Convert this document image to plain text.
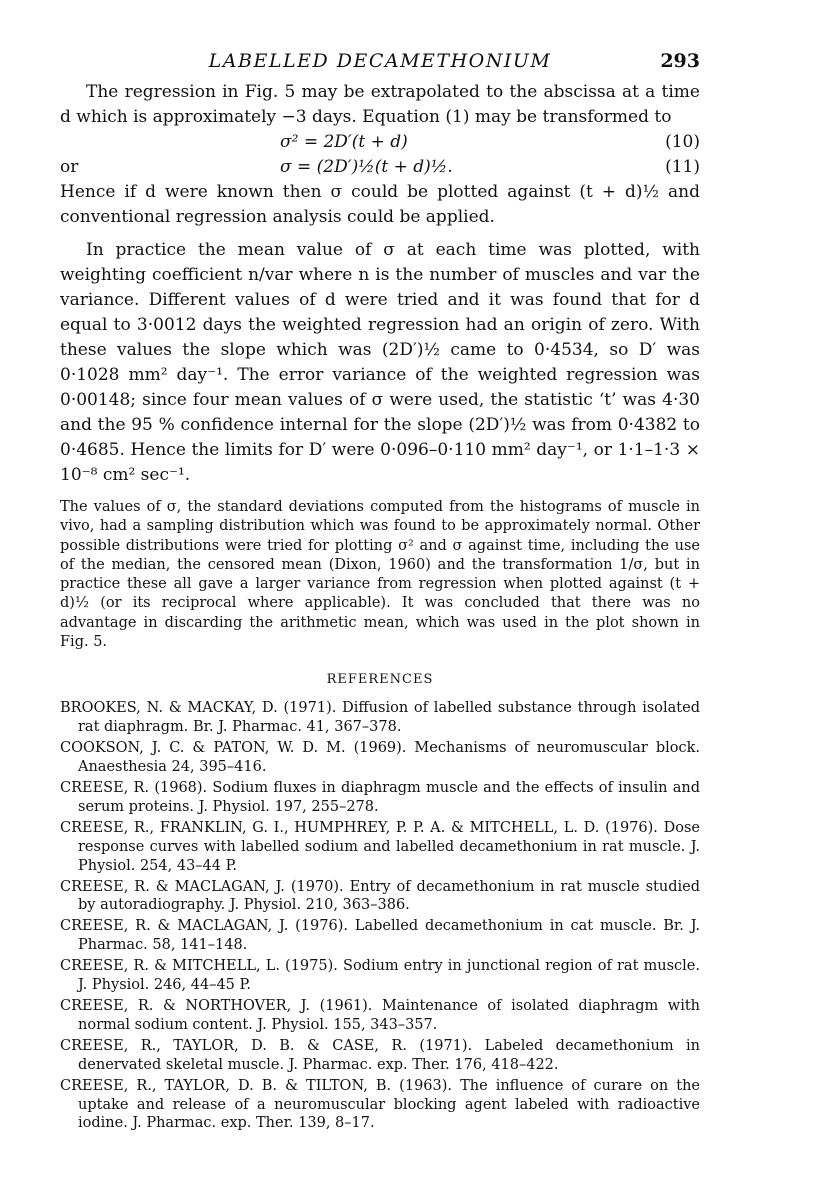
LABELLED DECAMETHONIUM	293

The regression in Fig. 5 may be extrapolated to the abscissa at a time d which is approximately −3 days. Equation (1) may be transformed to

σ² = 2D′(t + d)	(10)
or	σ = (2D′)½(t + d)½.	(11)

Hence if d were known then σ could be plotted against (t + d)½ and conventional regression analysis could be applied.

In practice the mean value of σ at each time was plotted, with weighting coefficient n/var where n is the number of muscles and var the variance. Different values of d were tried and it was found that for d equal to 3·0012 days the weighted regression had an origin of zero. With these values the slope which was (2D′)½ came to 0·4534, so D′ was 0·1028 mm² day⁻¹. The error variance of the weighted regression was 0·00148; since four mean values of σ were used, the statistic ‘t’ was 4·30 and the 95 % confidence internal for the slope (2D′)½ was from 0·4382 to 0·4685. Hence the limits for D′ were 0·096–0·110 mm² day⁻¹, or 1·1–1·3 × 10⁻⁸ cm² sec⁻¹.

The values of σ, the standard deviations computed from the histograms of muscle in vivo, had a sampling distribution which was found to be approximately normal. Other possible distributions were tried for plotting σ² and σ against time, including the use of the median, the censored mean (Dixon, 1960) and the transformation 1/σ, but in practice these all gave a larger variance from regression when plotted against (t + d)½ (or its reciprocal where applicable). It was concluded that there was no advantage in discarding the arithmetic mean, which was used in the plot shown in Fig. 5.

REFERENCES
BROOKES, N. & MACKAY, D. (1971). Diffusion of labelled substance through isolated rat diaphragm. Br. J. Pharmac. 41, 367–378.
COOKSON, J. C. & PATON, W. D. M. (1969). Mechanisms of neuromuscular block. Anaesthesia 24, 395–416.
CREESE, R. (1968). Sodium fluxes in diaphragm muscle and the effects of insulin and serum proteins. J. Physiol. 197, 255–278.
CREESE, R., FRANKLIN, G. I., HUMPHREY, P. P. A. & MITCHELL, L. D. (1976). Dose response curves with labelled sodium and labelled decamethonium in rat muscle. J. Physiol. 254, 43–44 P.
CREESE, R. & MACLAGAN, J. (1970). Entry of decamethonium in rat muscle studied by autoradiography. J. Physiol. 210, 363–386.
CREESE, R. & MACLAGAN, J. (1976). Labelled decamethonium in cat muscle. Br. J. Pharmac. 58, 141–148.
CREESE, R. & MITCHELL, L. (1975). Sodium entry in junctional region of rat muscle. J. Physiol. 246, 44–45 P.
CREESE, R. & NORTHOVER, J. (1961). Maintenance of isolated diaphragm with normal sodium content. J. Physiol. 155, 343–357.
CREESE, R., TAYLOR, D. B. & CASE, R. (1971). Labeled decamethonium in denervated skeletal muscle. J. Pharmac. exp. Ther. 176, 418–422.
CREESE, R., TAYLOR, D. B. & TILTON, B. (1963). The influence of curare on the uptake and release of a neuromuscular blocking agent labeled with radioactive iodine. J. Pharmac. exp. Ther. 139, 8–17.
